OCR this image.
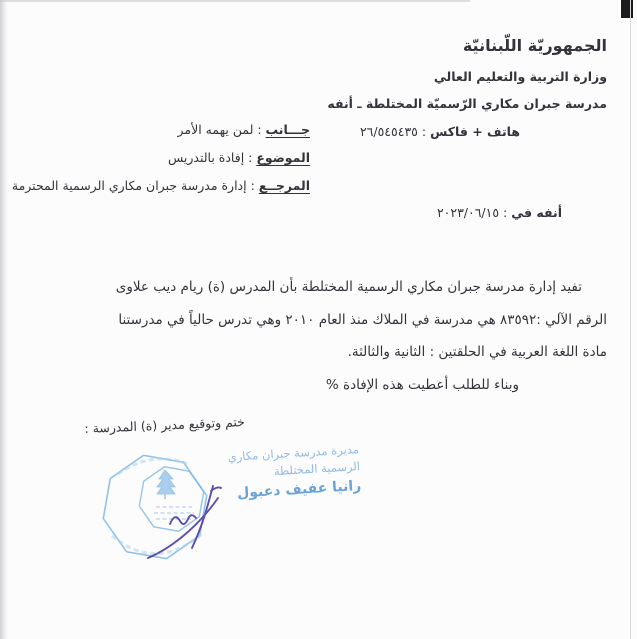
الجمهوريّة اللّبنانيّة
وزارة التربية والتعليم العالي
مدرسة جبران مكاري الرّسميّة المختلطة ـ أنفه
هاتف + فاكس : ٢٦/٥٤٥٤٣٥
جـــانب : لمن يهمه الأمر
الموضوع : إفادة بالتدريس
المرجــع : إدارة مدرسة جبران مكاري الرسمية المحترمة
أنفه في : ٢٠٢٣/٠٦/١٥
تفيد إدارة مدرسة جبران مكاري الرسمية المختلطة بأن المدرس (ة) ريام ديب علاوى
الرقم الآلي :٨٣٥٩٢ هي مدرسة في الملاك منذ العام ٢٠١٠ وهي تدرس حالياً في مدرستنا
مادة اللغة العربية في الحلقتين : الثانية والثالثة.
وبناء للطلب أعطيت هذه الإفادة %
ختم وتوقيع مدير (ة) المدرسة :
مديرة مدرسة جبران مكاري
الرسمية المختلطة
رانيا عفيف دعبول
